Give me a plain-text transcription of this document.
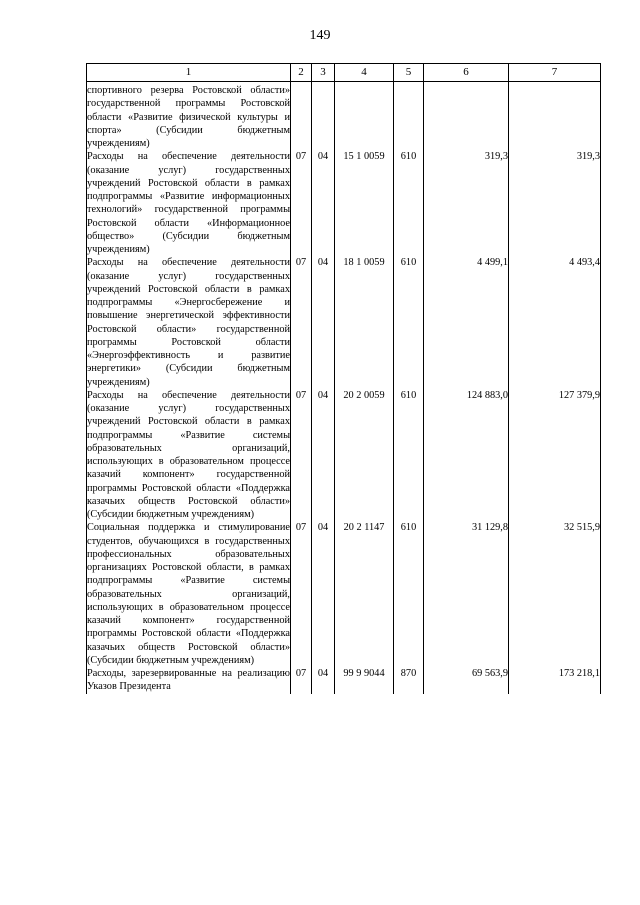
149
1	2	3	4	5	6	7
спортивного резерва Ростовской области» государственной программы Ростовской области «Развитие физической культуры и спорта» (Субсидии бюджетным учреждениям)						
Расходы на обеспечение деятельности (оказание услуг) государственных учреждений Ростовской области в рамках подпрограммы «Развитие информационных технологий» государственной программы Ростовской области «Информационное общество» (Субсидии бюджетным учреждениям)	07	04	15 1 0059	610	319,3	319,3
Расходы на обеспечение деятельности (оказание услуг) государственных учреждений Ростовской области в рамках подпрограммы «Энергосбережение и повышение энергетической эффективности Ростовской области» государственной программы Ростовской области «Энергоэффективность и развитие энергетики» (Субсидии бюджетным учреждениям)	07	04	18 1 0059	610	4 499,1	4 493,4
Расходы на обеспечение деятельности (оказание услуг) государственных учреждений Ростовской области в рамках подпрограммы «Развитие системы образовательных организаций, использующих в образовательном процессе казачий компонент» государственной программы Ростовской области «Поддержка казачьих обществ Ростовской области» (Субсидии бюджетным учреждениям)	07	04	20 2 0059	610	124 883,0	127 379,9
Социальная поддержка и стимулирование студентов, обучающихся в государственных профессиональных образовательных организациях Ростовской области, в рамках подпрограммы «Развитие системы образовательных организаций, использующих в образовательном процессе казачий компонент» государственной программы Ростовской области «Поддержка казачьих обществ Ростовской области» (Субсидии бюджетным учреждениям)	07	04	20 2 1147	610	31 129,8	32 515,9
Расходы, зарезервированные на реализацию Указов Президента	07	04	99 9 9044	870	69 563,9	173 218,1
